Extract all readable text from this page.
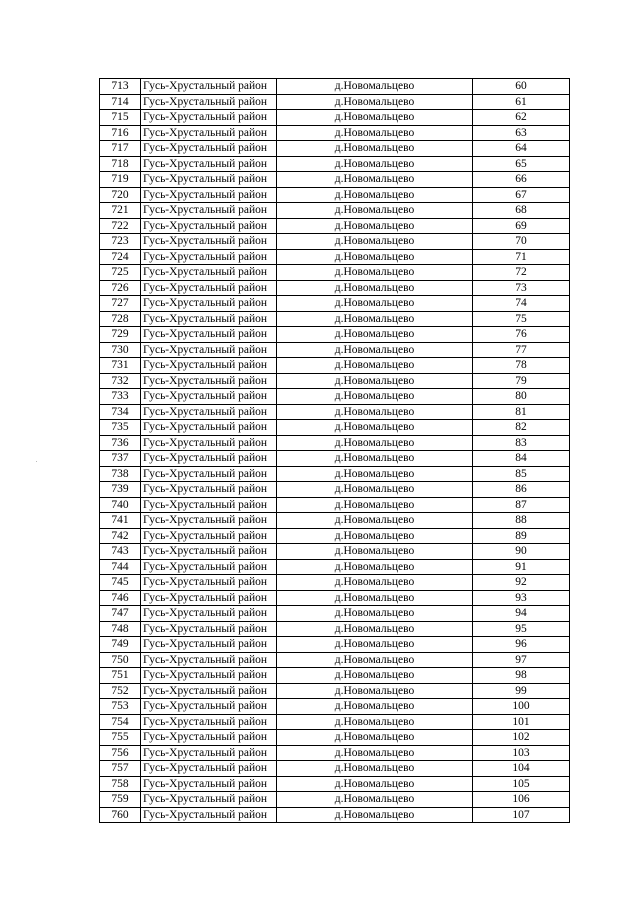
713	Гусь-Хрустальный район	д.Новомальцево	60
714	Гусь-Хрустальный район	д.Новомальцево	61
715	Гусь-Хрустальный район	д.Новомальцево	62
716	Гусь-Хрустальный район	д.Новомальцево	63
717	Гусь-Хрустальный район	д.Новомальцево	64
718	Гусь-Хрустальный район	д.Новомальцево	65
719	Гусь-Хрустальный район	д.Новомальцево	66
720	Гусь-Хрустальный район	д.Новомальцево	67
721	Гусь-Хрустальный район	д.Новомальцево	68
722	Гусь-Хрустальный район	д.Новомальцево	69
723	Гусь-Хрустальный район	д.Новомальцево	70
724	Гусь-Хрустальный район	д.Новомальцево	71
725	Гусь-Хрустальный район	д.Новомальцево	72
726	Гусь-Хрустальный район	д.Новомальцево	73
727	Гусь-Хрустальный район	д.Новомальцево	74
728	Гусь-Хрустальный район	д.Новомальцево	75
729	Гусь-Хрустальный район	д.Новомальцево	76
730	Гусь-Хрустальный район	д.Новомальцево	77
731	Гусь-Хрустальный район	д.Новомальцево	78
732	Гусь-Хрустальный район	д.Новомальцево	79
733	Гусь-Хрустальный район	д.Новомальцево	80
734	Гусь-Хрустальный район	д.Новомальцево	81
735	Гусь-Хрустальный район	д.Новомальцево	82
736	Гусь-Хрустальный район	д.Новомальцево	83
737	Гусь-Хрустальный район	д.Новомальцево	84
738	Гусь-Хрустальный район	д.Новомальцево	85
739	Гусь-Хрустальный район	д.Новомальцево	86
740	Гусь-Хрустальный район	д.Новомальцево	87
741	Гусь-Хрустальный район	д.Новомальцево	88
742	Гусь-Хрустальный район	д.Новомальцево	89
743	Гусь-Хрустальный район	д.Новомальцево	90
744	Гусь-Хрустальный район	д.Новомальцево	91
745	Гусь-Хрустальный район	д.Новомальцево	92
746	Гусь-Хрустальный район	д.Новомальцево	93
747	Гусь-Хрустальный район	д.Новомальцево	94
748	Гусь-Хрустальный район	д.Новомальцево	95
749	Гусь-Хрустальный район	д.Новомальцево	96
750	Гусь-Хрустальный район	д.Новомальцево	97
751	Гусь-Хрустальный район	д.Новомальцево	98
752	Гусь-Хрустальный район	д.Новомальцево	99
753	Гусь-Хрустальный район	д.Новомальцево	100
754	Гусь-Хрустальный район	д.Новомальцево	101
755	Гусь-Хрустальный район	д.Новомальцево	102
756	Гусь-Хрустальный район	д.Новомальцево	103
757	Гусь-Хрустальный район	д.Новомальцево	104
758	Гусь-Хрустальный район	д.Новомальцево	105
759	Гусь-Хрустальный район	д.Новомальцево	106
760	Гусь-Хрустальный район	д.Новомальцево	107
